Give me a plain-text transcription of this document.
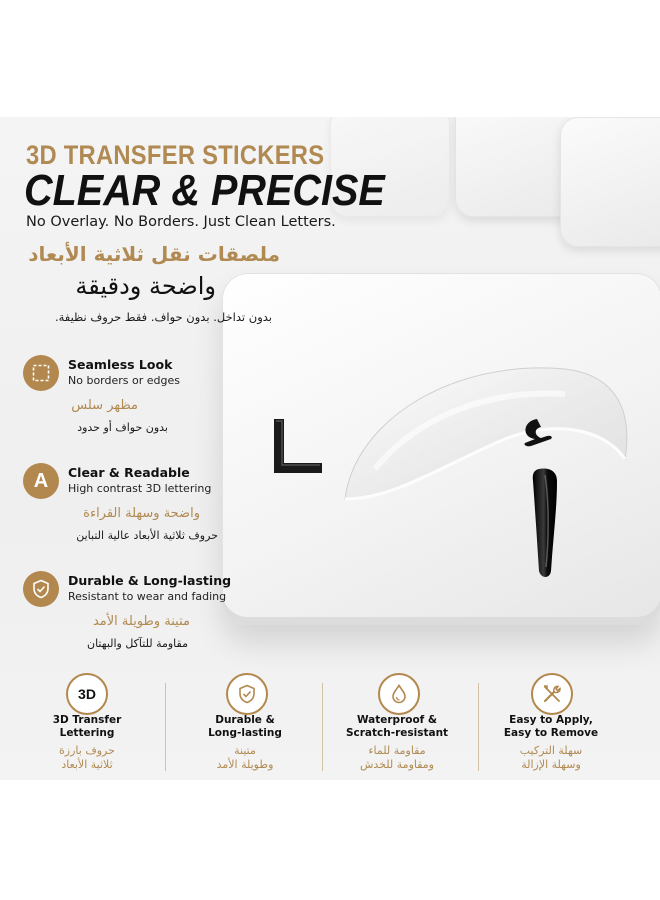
3D TRANSFER STICKERS
CLEAR & PRECISE
No Overlay. No Borders. Just Clean Letters.
ملصقات نقل ثلاثية الأبعاد
واضحة ودقيقة
بدون تداخل. بدون حواف. فقط حروف نظيفة.
Seamless Look
No borders or edges
مظهر سلس
بدون حواف أو حدود
A Clear & Readable
High contrast 3D lettering
واضحة وسهلة القراءة
حروف ثلاثية الأبعاد عالية التباين
Durable & Long-lasting
Resistant to wear and fading
متينة وطويلة الأمد
مقاومة للتآكل والبهتان
3D
3D Transfer
Lettering
حروف بارزة
ثلاثية الأبعاد
Durable &
Long-lasting
متينة
وطويلة الأمد
Waterproof &
Scratch-resistant
مقاومة للماء
ومقاومة للخدش
Easy to Apply,
Easy to Remove
سهلة التركيب
وسهلة الإزالة
